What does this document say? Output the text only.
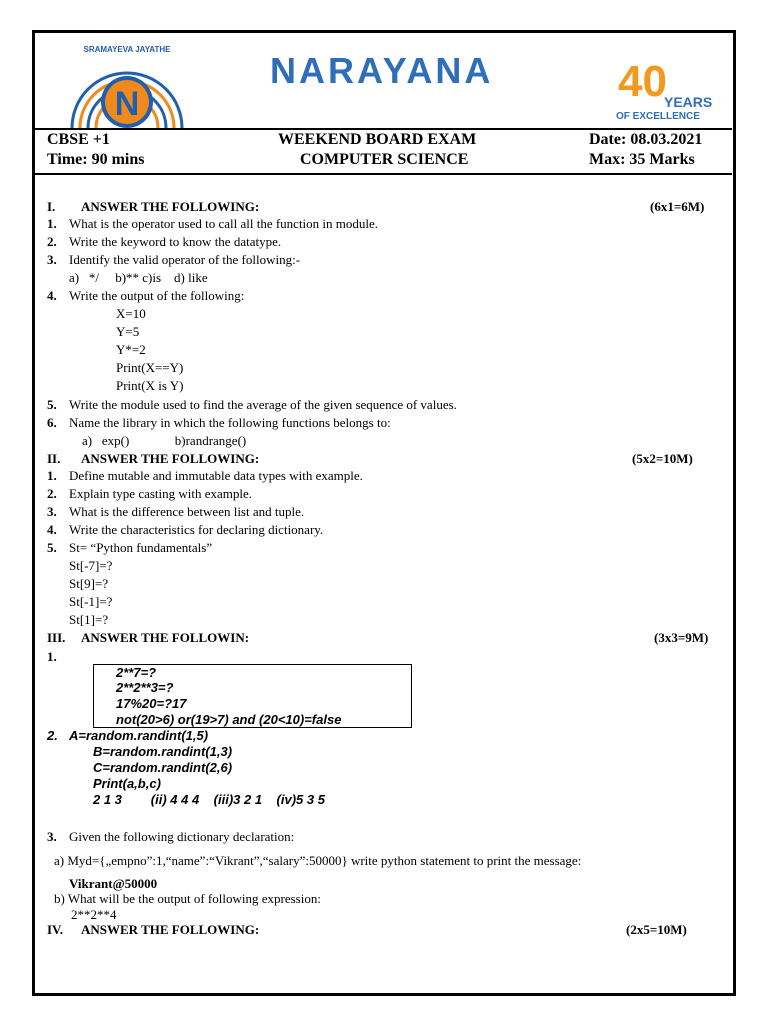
N
SRAMAYEVA JAYATHE
NARAYANA	40
YEARS
OF EXCELLENCE
CBSE +1
Time: 90 mins
WEEKEND BOARD EXAM
COMPUTER SCIENCE
Date: 08.03.2021
Max: 35 Marks
I. ANSWER THE FOLLOWING:	(6x1=6M)
1. What is the operator used to call all the function in module.
2. Write the keyword to know the datatype.
3. Identify the valid operator of the following:-
a)   */     b)** c)is    d) like
4. Write the output of the following:
X=10
Y=5
Y*=2
Print(X==Y)
Print(X is Y)
5. Write the module used to find the average of the given sequence of values.
6. Name the library in which the following functions belongs to:
a)   exp()              b)randrange()
II. ANSWER THE FOLLOWING:	(5x2=10M)
1. Define mutable and immutable data types with example.
2. Explain type casting with example.
3. What is the difference between list and tuple.
4. Write the characteristics for declaring dictionary.
5. St= “Python fundamentals”
St[-7]=?
St[9]=?
St[-1]=?
St[1]=?
III. ANSWER THE FOLLOWIN:	(3x3=9M)
1.
2**7=?
2**2**3=?
17%20=?17
not(20>6) or(19>7) and (20<10)=false
2. A=random.randint(1,5)
B=random.randint(1,3)
C=random.randint(2,6)
Print(a,b,c)
2 1 3        (ii) 4 4 4    (iii)3 2 1    (iv)5 3 5
3. Given the following dictionary declaration:
a) Myd={„empno”:1,“name”:“Vikrant”,“salary”:50000} write python statement to print the message:
Vikrant@50000
b) What will be the output of following expression:
2**2**4
IV. ANSWER THE FOLLOWING:	(2x5=10M)
